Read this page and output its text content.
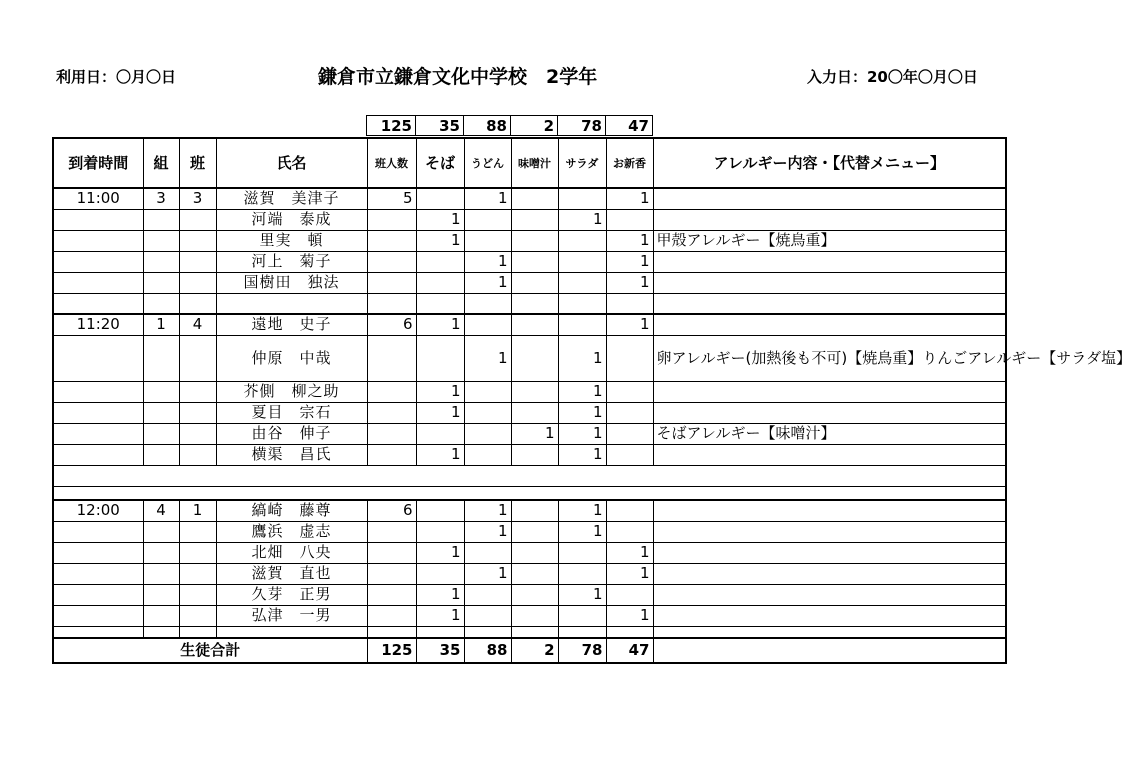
利用日：〇月〇日	鎌倉市立鎌倉文化中学校　2学年	入力日：20〇年〇月〇日
125	35	88	2	78	47
到着時間	組	班	氏名	班人数	そば	うどん	味噌汁	サラダ	お新香	アレルギー内容・【代替メニュー】
11:00	3	3	滋賀　美津子	5		1			1	
			河端　泰成		1			1		
			里実　頓		1				1	甲殻アレルギー【焼鳥重】
			河上　菊子			1			1	
			国樹田　独法			1			1	

11:20	1	4	遠地　史子	6	1				1	
			仲原　中哉			1		1		卵アレルギー(加熱後も不可)【焼鳥重】りんごアレルギー【サラダ塩】
			芥側　柳之助		1			1		
			夏目　宗石		1			1		
			由谷　伸子				1	1		そばアレルギー【味噌汁】
			横渠　昌氏		1			1		

12:00	4	1	縞崎　藤尊	6		1		1		
			鷹浜　虚志			1		1		
			北畑　八央		1				1	
			滋賀　直也			1			1	
			久芽　正男		1			1		
			弘津　一男		1				1	

生徒合計				125	35	88	2	78	47	
